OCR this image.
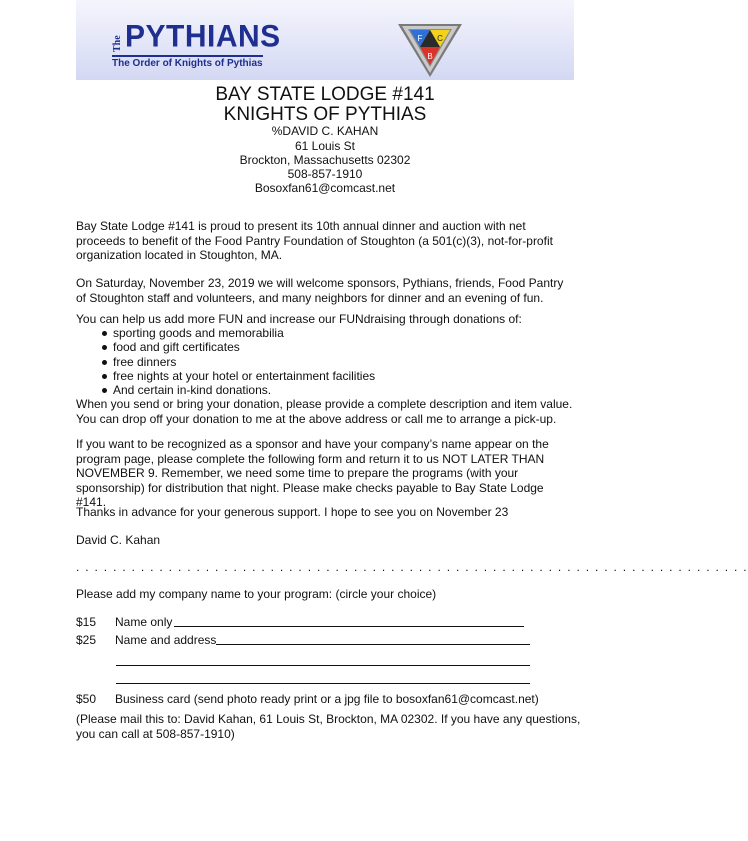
The PYTHIANS
The Order of Knights of Pythias
F C
B
BAY STATE LODGE #141
KNIGHTS OF PYTHIAS
%DAVID C. KAHAN
61 Louis St
Brockton, Massachusetts 02302
508-857-1910
Bosoxfan61@comcast.net

Bay State Lodge #141 is proud to present its 10th annual dinner and auction with net proceeds to benefit of the Food Pantry Foundation of Stoughton (a 501(c)(3), not-for-profit organization located in Stoughton, MA.

On Saturday, November 23, 2019 we will welcome sponsors, Pythians, friends, Food Pantry of Stoughton staff and volunteers, and many neighbors for dinner and an evening of fun.

You can help us add more FUN and increase our FUNdraising through donations of:

sporting goods and memorabilia
food and gift certificates
free dinners
free nights at your hotel or entertainment facilities
And certain in-kind donations.

When you send or bring your donation, please provide a complete description and item value. You can drop off your donation to me at the above address or call me to arrange a pick-up.

If you want to be recognized as a sponsor and have your company’s name appear on the program page, please complete the following form and return it to us NOT LATER THAN NOVEMBER 9. Remember, we need some time to prepare the programs (with your sponsorship) for distribution that night. Please make checks payable to Bay State Lodge #141.

Thanks in advance for your generous support. I hope to see you on November 23

David C. Kahan

. . . . . . . . . . . . . . . . . . . . . . . . . . . . . . . . . . . . . . . . . . . . . . . . . . . . . . . . . . . . . . . . . . . . . . . . .

Please add my company name to your program: (circle your choice)

$15 Name only
$25 Name and address
$50 Business card (send photo ready print or a jpg file to bosoxfan61@comcast.net)

(Please mail this to: David Kahan, 61 Louis St, Brockton, MA 02302. If you have any questions, you can call at 508-857-1910)
